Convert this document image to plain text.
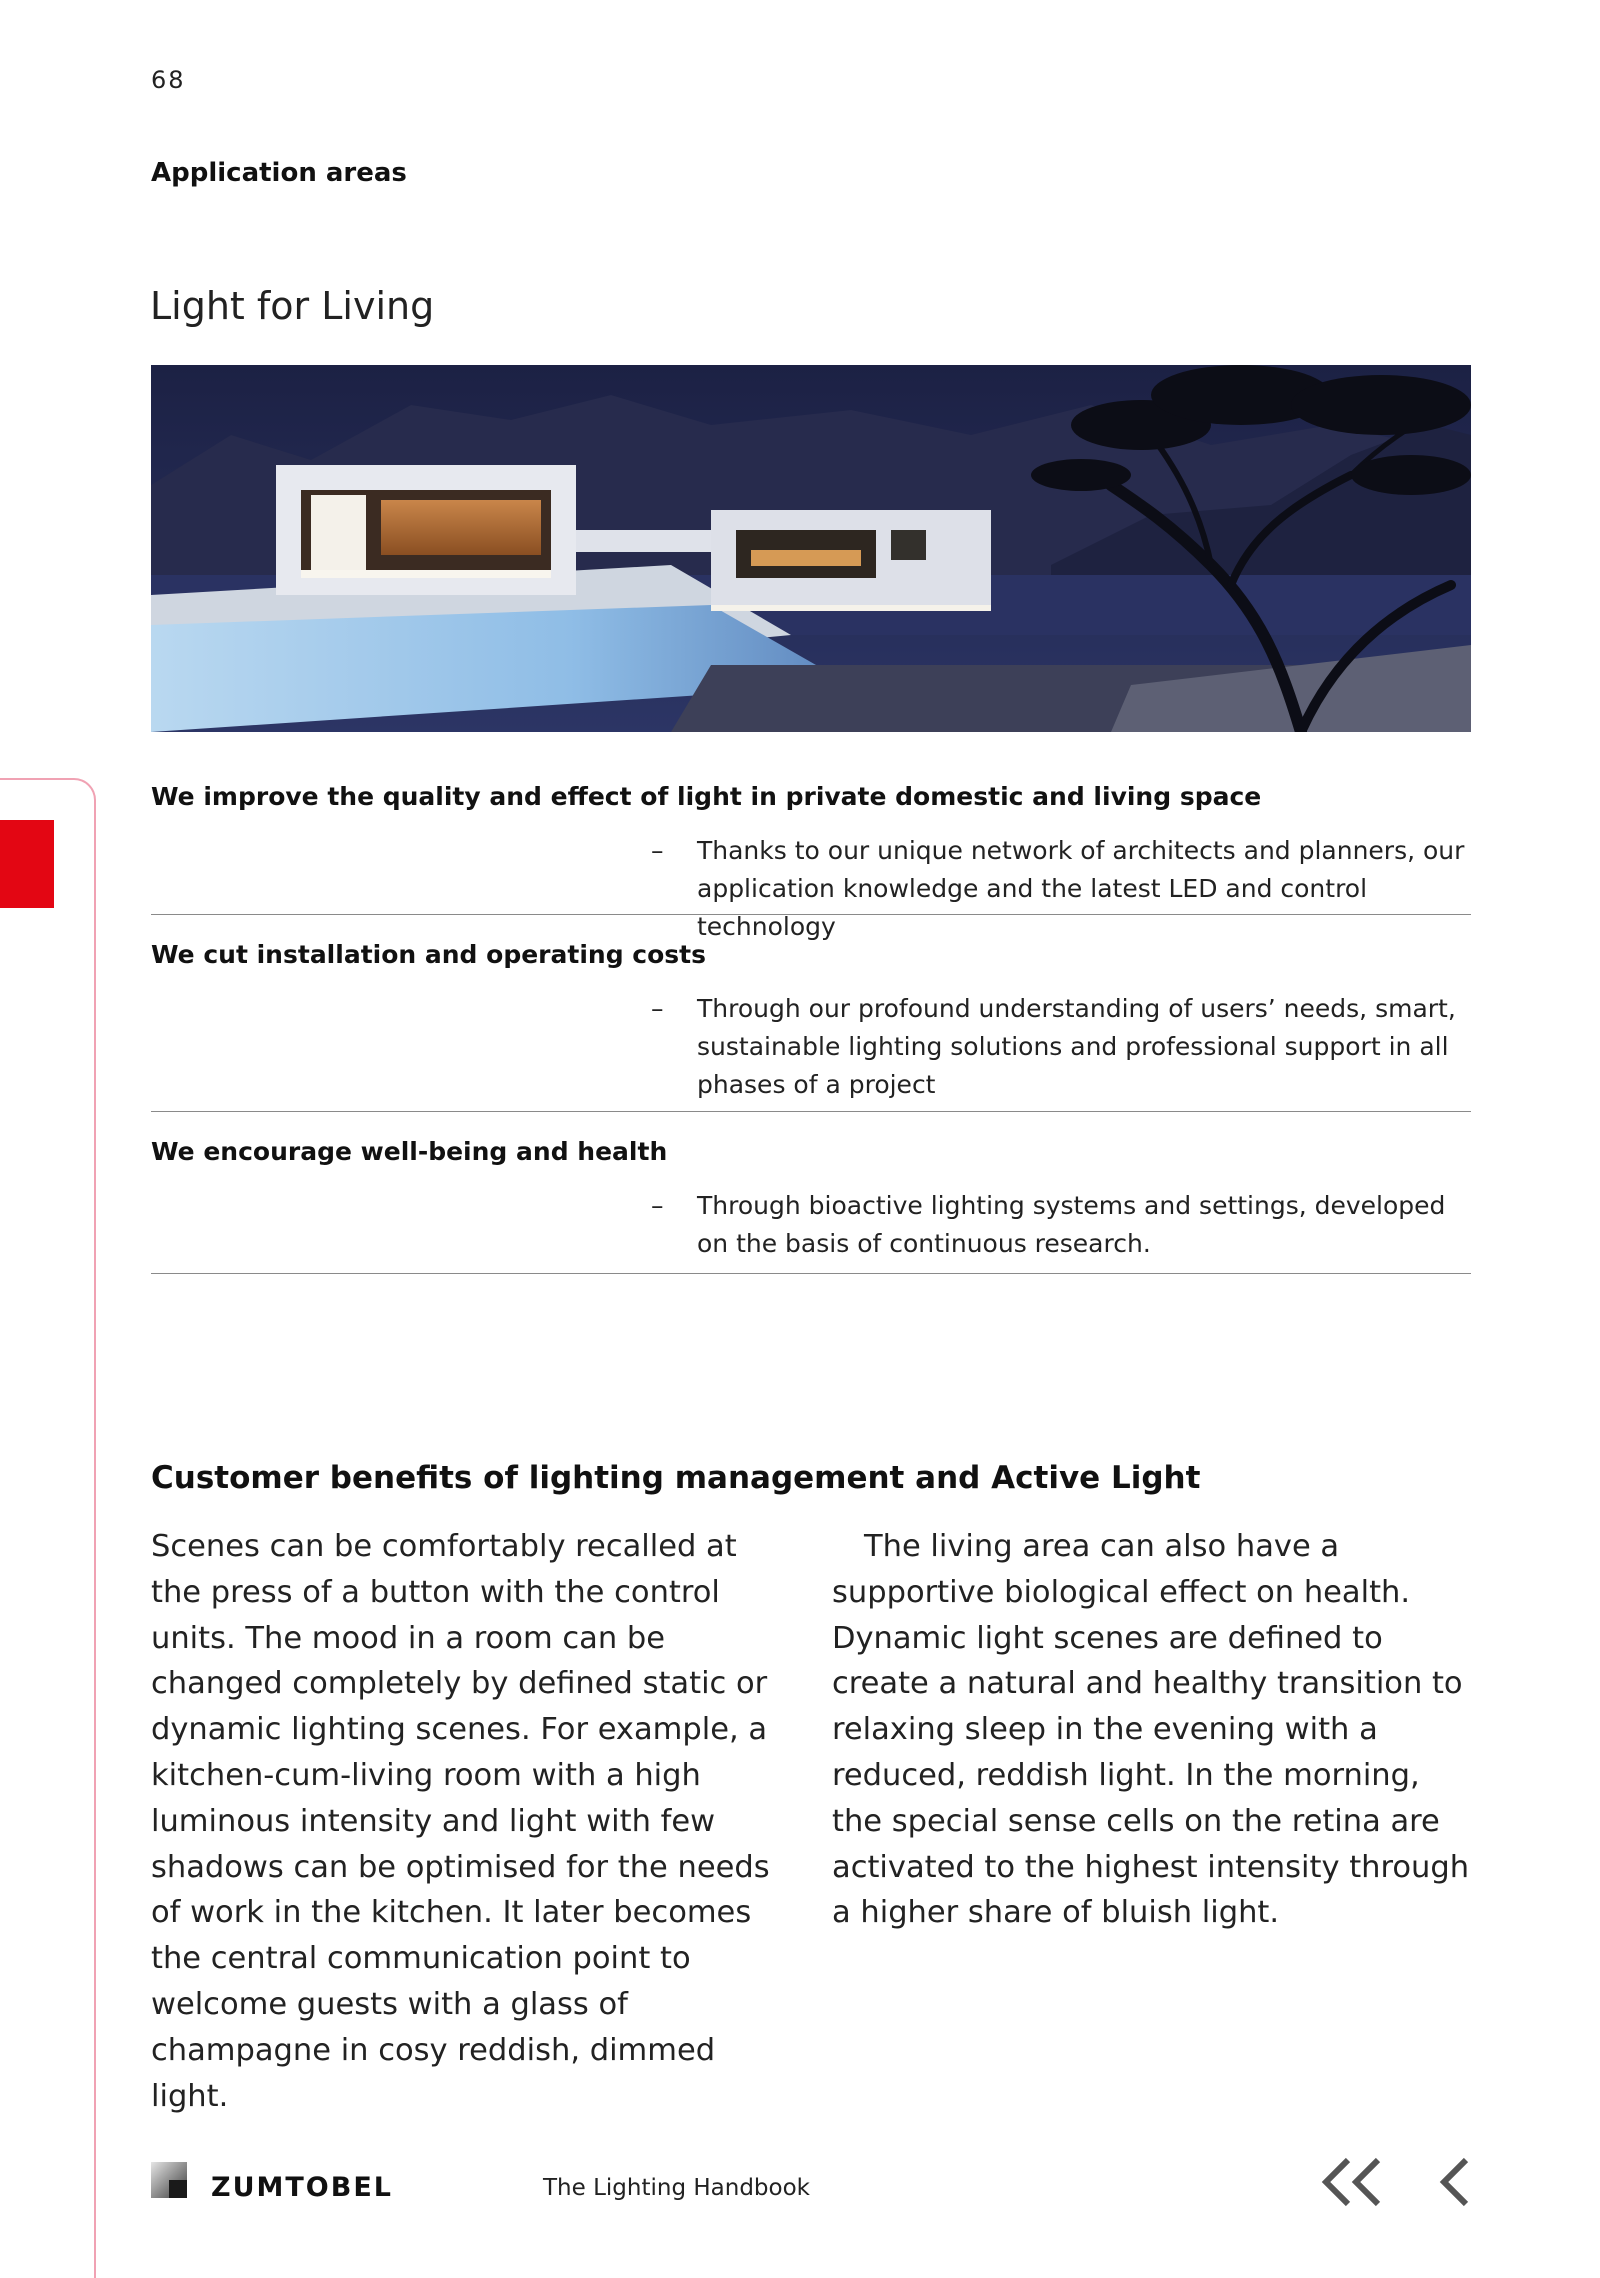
68
Application areas
Light for Living
We improve the quality and effect of light in private domestic and living space
–	Thanks to our unique network of architects and planners, our application knowledge and the latest LED and control technology
We cut installation and operating costs
–	Through our profound understanding of users’ needs, smart, sustainable lighting solutions and professional support in all phases of a project
We encourage well-being and health
–	Through bioactive lighting systems and settings, developed on the basis of continuous research.
Customer benefits of lighting management and Active Light

Scenes can be comfortably recalled at the press of a button with the control units. The mood in a room can be changed completely by defined static or dynamic lighting scenes. For example, a kitchen-cum-living room with a high luminous intensity and light with few shadows can be optimised for the needs of work in the kitchen. It later becomes the central communication point to welcome guests with a glass of champagne in cosy reddish, dimmed light.

The living area can also have a supportive biological effect on health. Dynamic light scenes are defined to create a natural and healthy transition to relaxing sleep in the evening with a reduced, reddish light. In the morning, the special sense cells on the retina are activated to the highest intensity through a higher share of bluish light.

ZUMTOBEL	The Lighting Handbook
